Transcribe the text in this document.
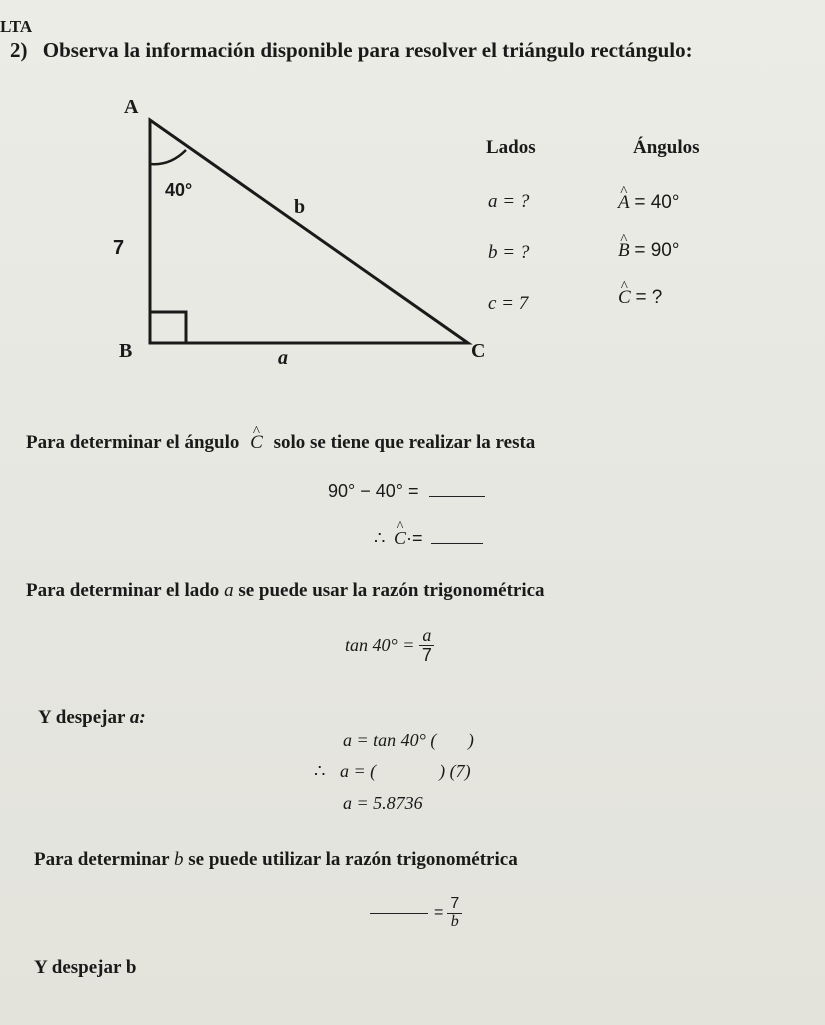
LTA
2) Observa la información disponible para resolver el triángulo rectángulo:
A
40°
b
7
B	C
a
Lados	Ángulos
a = ?
b = ?
c = 7
^ A = 40°
^ B = 90°
^ C = ?
Para determinar el ángulo ^ C solo se tiene que realizar la resta
90° − 40° =
∴ ^ C·=
Para determinar el lado a se puede usar la razón trigonométrica
$\tan 40^\circ = \frac{a}{7}$
Y despejar a:
a = tan 40° (       )
∴ a = (              ) (7)
a = 5.8736
Para determinar b se puede utilizar la razón trigonométrica
= $\frac{7}{b}$
Y despejar b
